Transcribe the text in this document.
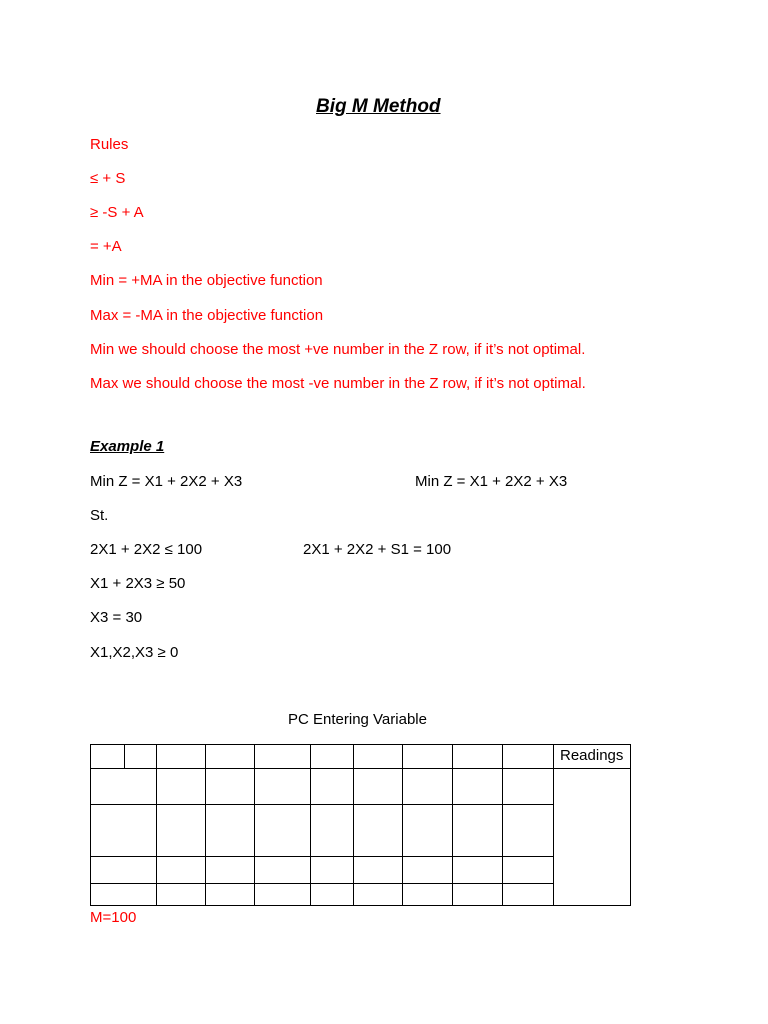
Big M Method
Rules
≤ + S
≥ -S + A
= +A
Min = +MA in the objective function
Max = -MA in the objective function
Min we should choose the most +ve number in the Z row, if it’s not optimal.
Max we should choose the most -ve number in the Z row, if it’s not optimal.
Example 1
Min Z = X1 + 2X2 + X3	Min Z = X1 + 2X2 + X3
St.
2X1 + 2X2 ≤ 100	2X1 + 2X2 + S1 = 100
X1 + 2X3 ≥ 50
X3 = 30
X1,X2,X3 ≥ 0
PC Entering Variable
Readings
M=100
